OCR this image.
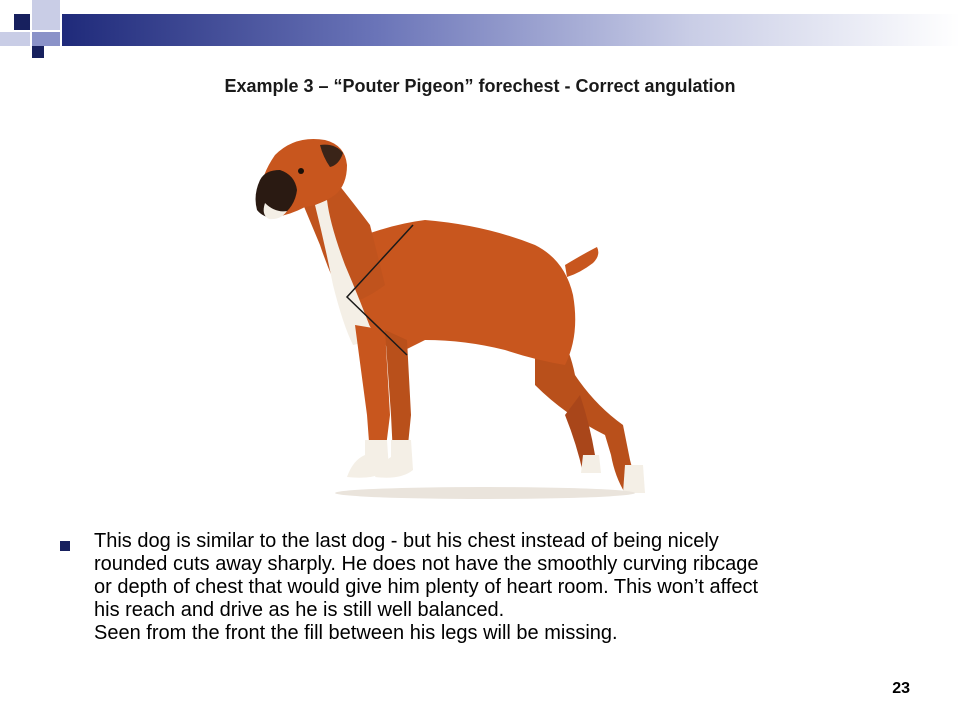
Example 3 – “Pouter Pigeon” forechest - Correct angulation
This dog is similar to the last dog - but his chest instead of being nicely
rounded cuts away sharply. He does not have the smoothly curving ribcage
or depth of chest that would give him plenty of heart room. This won’t affect
his reach and drive as he is still well balanced.
Seen from the front the fill between his legs will be missing.
23
